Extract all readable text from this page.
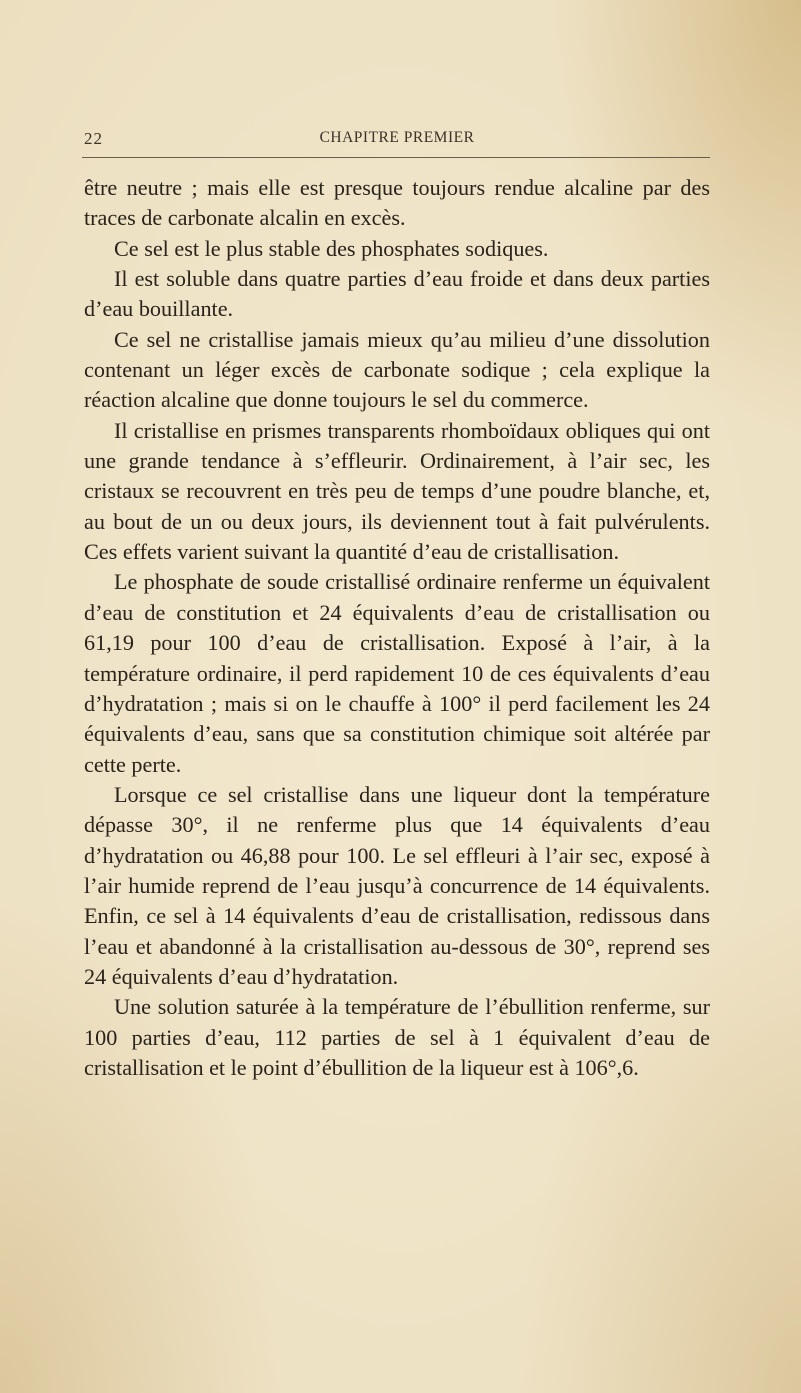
22	CHAPITRE PREMIER

être neutre ; mais elle est presque toujours rendue alcaline par des traces de carbonate alcalin en excès.

Ce sel est le plus stable des phosphates sodiques.

Il est soluble dans quatre parties d’eau froide et dans deux parties d’eau bouillante.

Ce sel ne cristallise jamais mieux qu’au milieu d’une dissolution contenant un léger excès de carbonate sodique ; cela explique la réaction alcaline que donne toujours le sel du commerce.

Il cristallise en prismes transparents rhomboïdaux obliques qui ont une grande tendance à s’effleurir. Ordinairement, à l’air sec, les cristaux se recouvrent en très peu de temps d’une poudre blanche, et, au bout de un ou deux jours, ils deviennent tout à fait pulvérulents. Ces effets varient suivant la quantité d’eau de cristallisation.

Le phosphate de soude cristallisé ordinaire renferme un équivalent d’eau de constitution et 24 équivalents d’eau de cristallisation ou 61,19 pour 100 d’eau de cristallisation. Exposé à l’air, à la température ordinaire, il perd rapidement 10 de ces équivalents d’eau d’hydratation ; mais si on le chauffe à 100° il perd facilement les 24 équivalents d’eau, sans que sa constitution chimique soit altérée par cette perte.

Lorsque ce sel cristallise dans une liqueur dont la température dépasse 30°, il ne renferme plus que 14 équivalents d’eau d’hydratation ou 46,88 pour 100. Le sel effleuri à l’air sec, exposé à l’air humide reprend de l’eau jusqu’à concurrence de 14 équivalents. Enfin, ce sel à 14 équivalents d’eau de cristallisation, redissous dans l’eau et abandonné à la cristallisation au-dessous de 30°, reprend ses 24 équivalents d’eau d’hydratation.

Une solution saturée à la température de l’ébullition renferme, sur 100 parties d’eau, 112 parties de sel à 1 équivalent d’eau de cristallisation et le point d’ébullition de la liqueur est à 106°,6.
